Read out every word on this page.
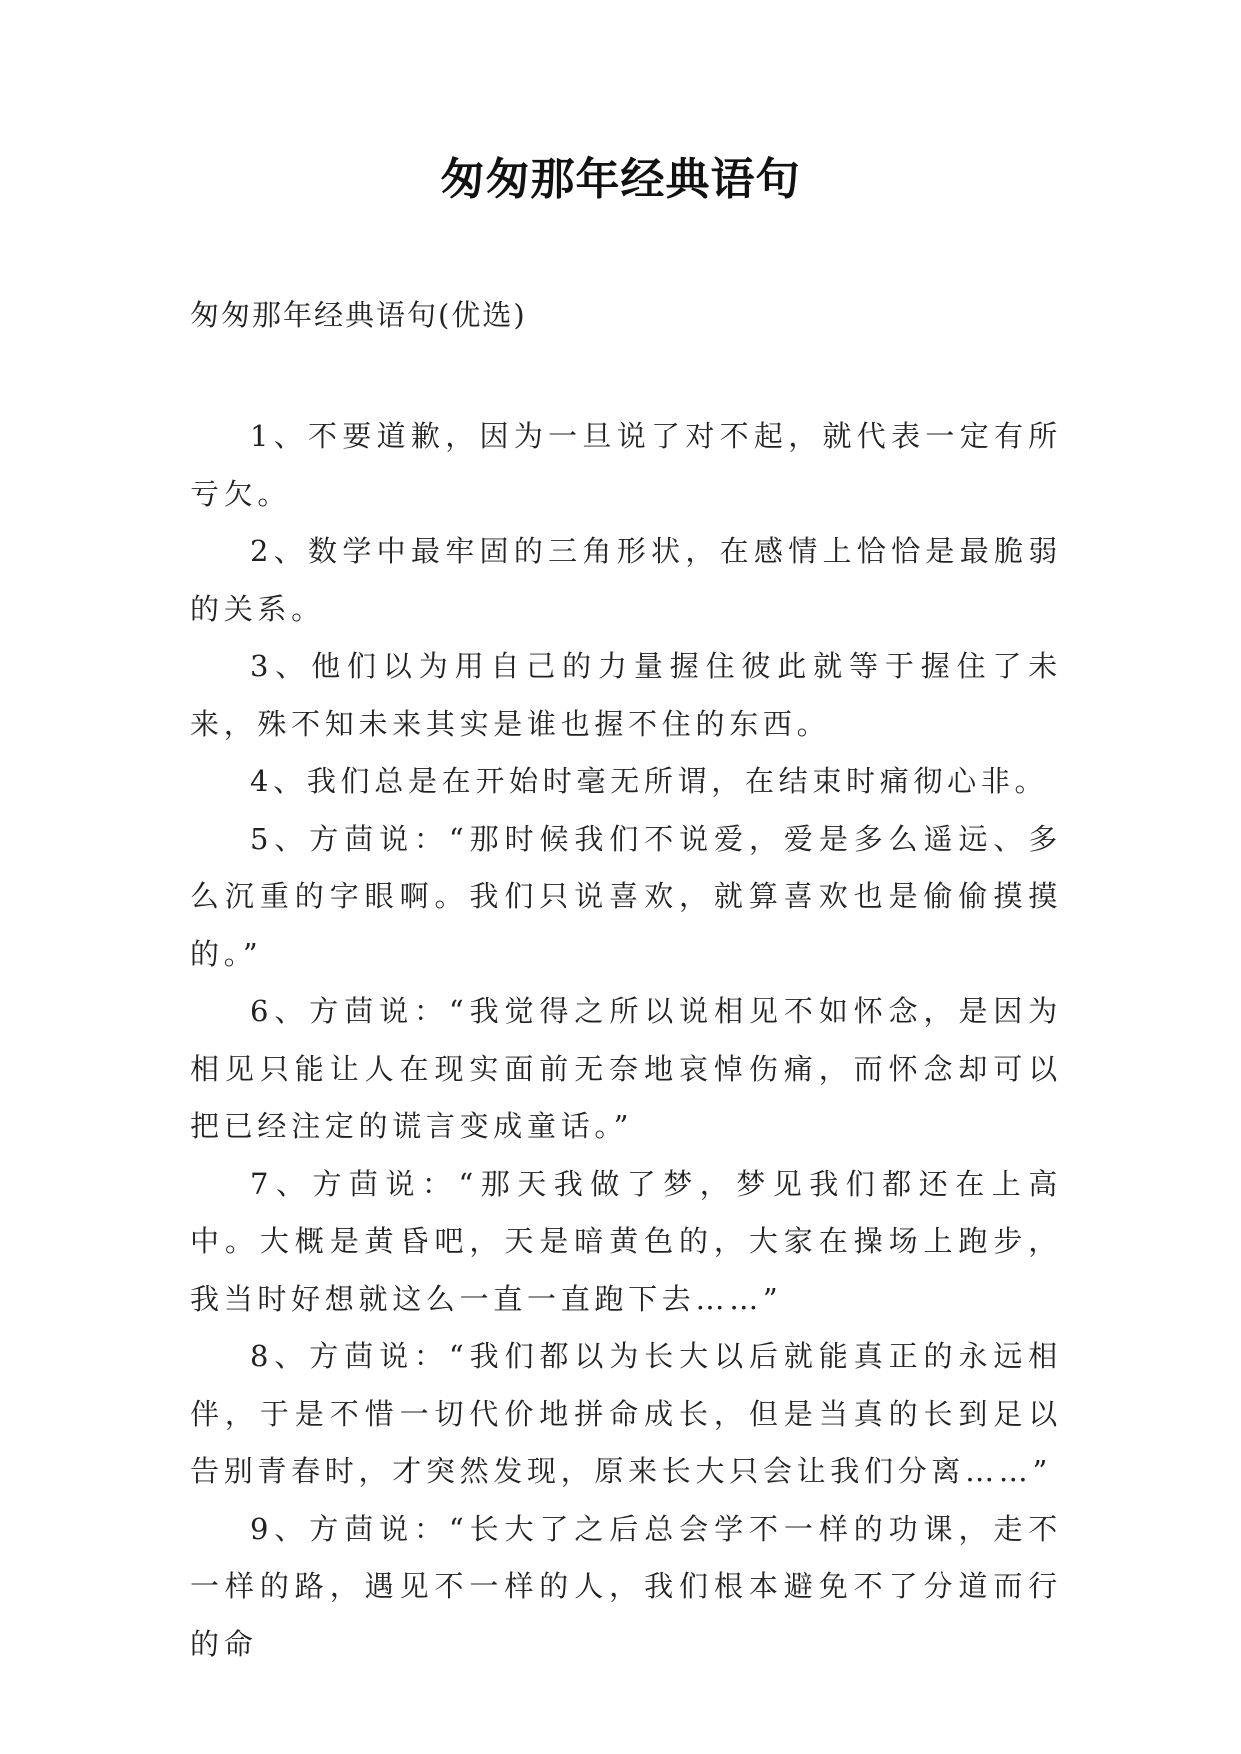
匆匆那年经典语句
匆匆那年经典语句(优选)

1、不要道歉，因为一旦说了对不起，就代表一定有所亏欠。

2、数学中最牢固的三角形状，在感情上恰恰是最脆弱的关系。

3、他们以为用自己的力量握住彼此就等于握住了未来，殊不知未来其实是谁也握不住的东西。

4、我们总是在开始时毫无所谓，在结束时痛彻心非。

5、方茴说：“那时候我们不说爱，爱是多么遥远、多么沉重的字眼啊。我们只说喜欢，就算喜欢也是偷偷摸摸的。”

6、方茴说：“我觉得之所以说相见不如怀念，是因为相见只能让人在现实面前无奈地哀悼伤痛，而怀念却可以把已经注定的谎言变成童话。”

7、方茴说：“那天我做了梦，梦见我们都还在上高中。大概是黄昏吧，天是暗黄色的，大家在操场上跑步，我当时好想就这么一直一直跑下去……”

8、方茴说：“我们都以为长大以后就能真正的永远相伴，于是不惜一切代价地拼命成长，但是当真的长到足以告别青春时，才突然发现，原来长大只会让我们分离……”

9、方茴说：“长大了之后总会学不一样的功课，走不一样的路，遇见不一样的人，我们根本避免不了分道而行的命
